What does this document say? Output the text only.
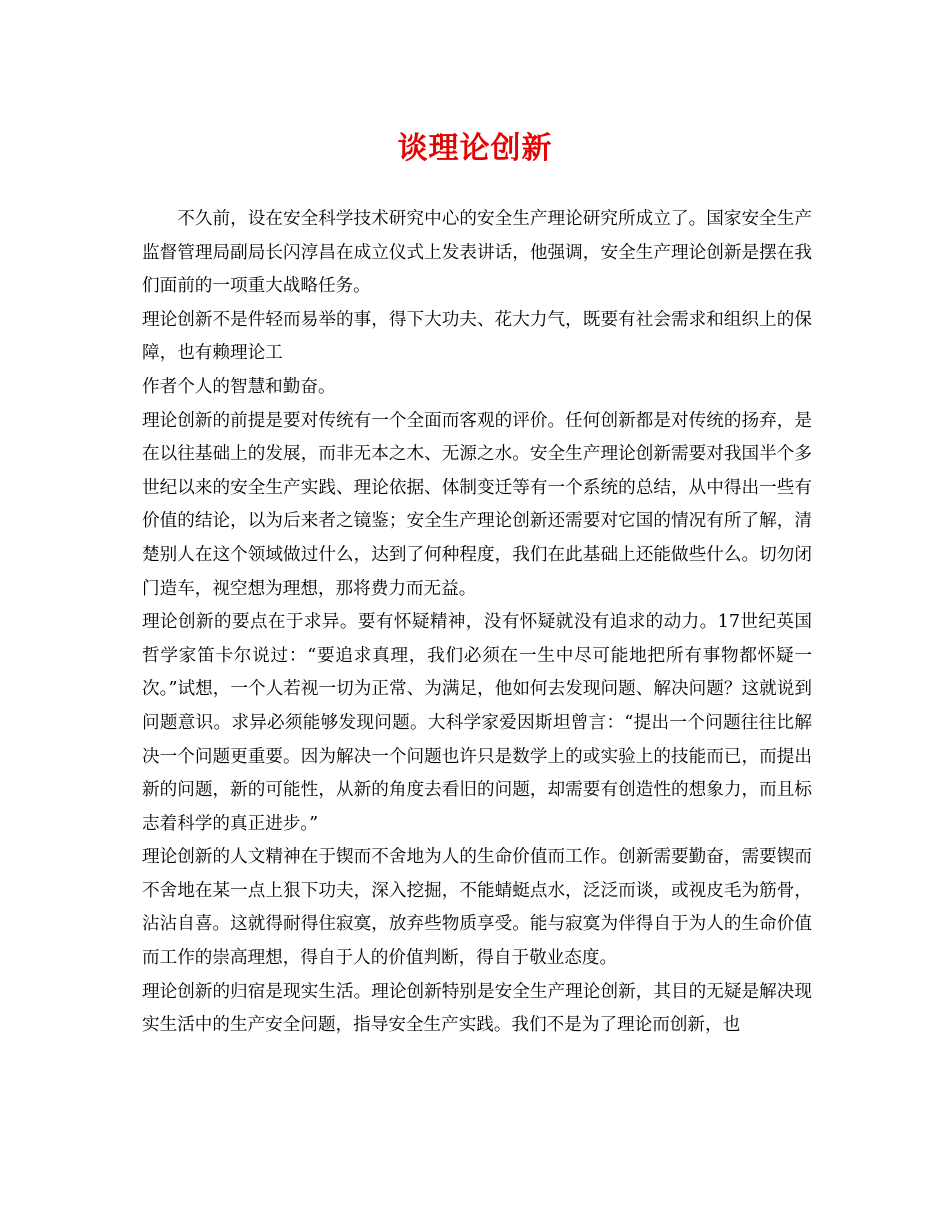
谈理论创新

不久前，设在安全科学技术研究中心的安全生产理论研究所成立了。国家安全生产监督管理局副局长闪淳昌在成立仪式上发表讲话，他强调，安全生产理论创新是摆在我们面前的一项重大战略任务。

理论创新不是件轻而易举的事，得下大功夫、花大力气，既要有社会需求和组织上的保障，也有赖理论工

作者个人的智慧和勤奋。

理论创新的前提是要对传统有一个全面而客观的评价。任何创新都是对传统的扬弃，是在以往基础上的发展，而非无本之木、无源之水。安全生产理论创新需要对我国半个多世纪以来的安全生产实践、理论依据、体制变迁等有一个系统的总结，从中得出一些有价值的结论，以为后来者之镜鉴；安全生产理论创新还需要对它国的情况有所了解，清楚别人在这个领域做过什么，达到了何种程度，我们在此基础上还能做些什么。切勿闭门造车，视空想为理想，那将费力而无益。

理论创新的要点在于求异。要有怀疑精神，没有怀疑就没有追求的动力。17世纪英国哲学家笛卡尔说过：“要追求真理，我们必须在一生中尽可能地把所有事物都怀疑一次。”试想，一个人若视一切为正常、为满足，他如何去发现问题、解决问题？这就说到问题意识。求异必须能够发现问题。大科学家爱因斯坦曾言：“提出一个问题往往比解决一个问题更重要。因为解决一个问题也许只是数学上的或实验上的技能而已，而提出新的问题，新的可能性，从新的角度去看旧的问题，却需要有创造性的想象力，而且标志着科学的真正进步。”

理论创新的人文精神在于锲而不舍地为人的生命价值而工作。创新需要勤奋，需要锲而不舍地在某一点上狠下功夫，深入挖掘，不能蜻蜓点水，泛泛而谈，或视皮毛为筋骨，沾沾自喜。这就得耐得住寂寞，放弃些物质享受。能与寂寞为伴得自于为人的生命价值而工作的崇高理想，得自于人的价值判断，得自于敬业态度。

理论创新的归宿是现实生活。理论创新特别是安全生产理论创新，其目的无疑是解决现实生活中的生产安全问题，指导安全生产实践。我们不是为了理论而创新，也
